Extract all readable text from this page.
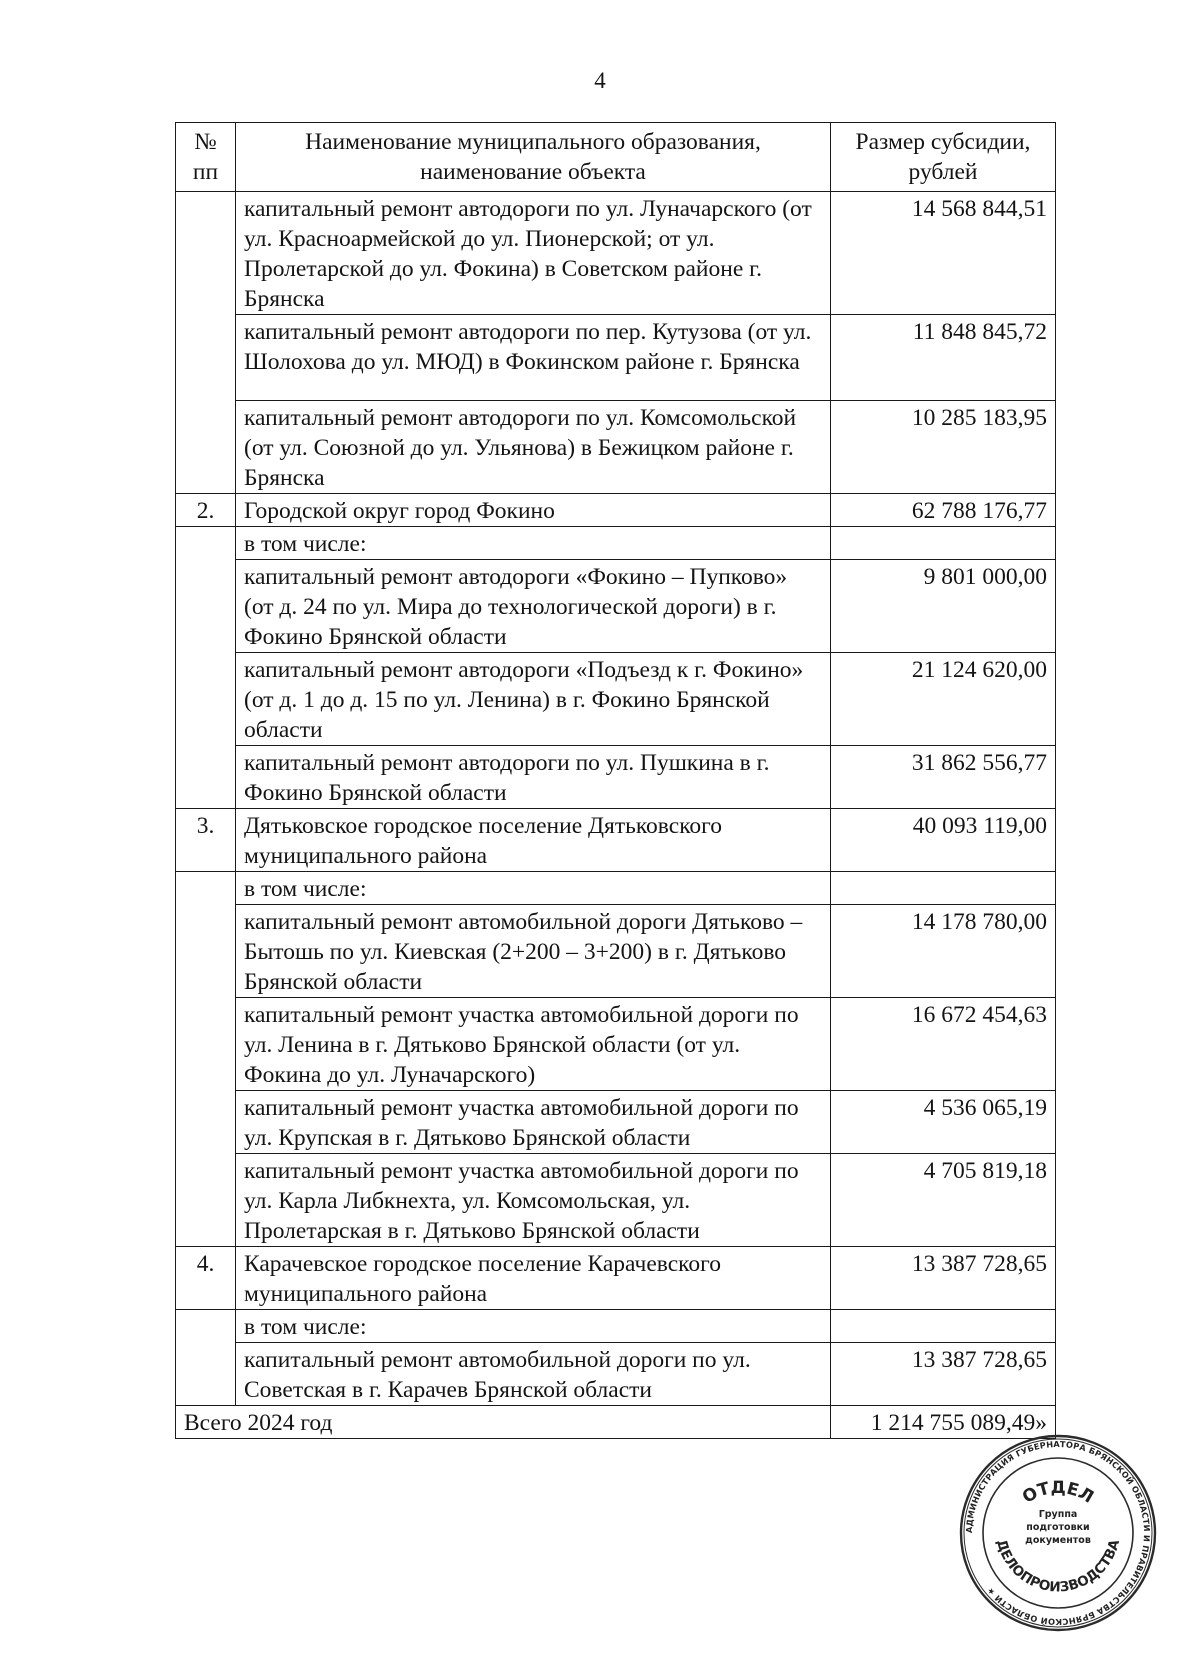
4
№ пп	Наименование муниципального образования, наименование объекта	Размер субсидии, рублей
	капитальный ремонт автодороги по ул. Луначарского (от ул. Красноармейской до ул. Пионерской; от ул. Пролетарской до ул. Фокина) в Советском районе г. Брянска	14 568 844,51
	капитальный ремонт автодороги по пер. Кутузова (от ул. Шолохова до ул. МЮД) в Фокинском районе г. Брянска	11 848 845,72
	капитальный ремонт автодороги по ул. Комсомольской (от ул. Союзной до ул. Ульянова) в Бежицком районе г. Брянска	10 285 183,95
2.	Городской округ город Фокино	62 788 176,77
	в том числе:	
	капитальный ремонт автодороги «Фокино – Пупково» (от д. 24 по ул. Мира до технологической дороги) в г. Фокино Брянской области	9 801 000,00
	капитальный ремонт автодороги «Подъезд к г. Фокино» (от д. 1 до д. 15 по ул. Ленина) в г. Фокино Брянской области	21 124 620,00
	капитальный ремонт автодороги по ул. Пушкина в г. Фокино Брянской области	31 862 556,77
3.	Дятьковское городское поселение Дятьковского муниципального района	40 093 119,00
	в том числе:	
	капитальный ремонт автомобильной дороги Дятьково – Бытошь по ул. Киевская (2+200 – 3+200) в г. Дятьково Брянской области	14 178 780,00
	капитальный ремонт участка автомобильной дороги по ул. Ленина в г. Дятьково Брянской области (от ул. Фокина до ул. Луначарского)	16 672 454,63
	капитальный ремонт участка автомобильной дороги по ул. Крупская в г. Дятьково Брянской области	4 536 065,19
	капитальный ремонт участка автомобильной дороги по ул. Карла Либкнехта, ул. Комсомольская, ул. Пролетарская в г. Дятьково Брянской области	4 705 819,18
4.	Карачевское городское поселение Карачевского муниципального района	13 387 728,65
	в том числе:	
	капитальный ремонт автомобильной дороги по ул. Советская в г. Карачев Брянской области	13 387 728,65
Всего 2024 год		1 214 755 089,49»
АДМИНИСТРАЦИЯ ГУБЕРНАТОРА БРЯНСКОЙ ОБЛАСТИ И ПРАВИТЕЛЬСТВА БРЯНСКОЙ ОБЛАСТИ ★
ОТДЕЛ
ДЕЛОПРОИЗВОДСТВА
Группа
подготовки
документов
